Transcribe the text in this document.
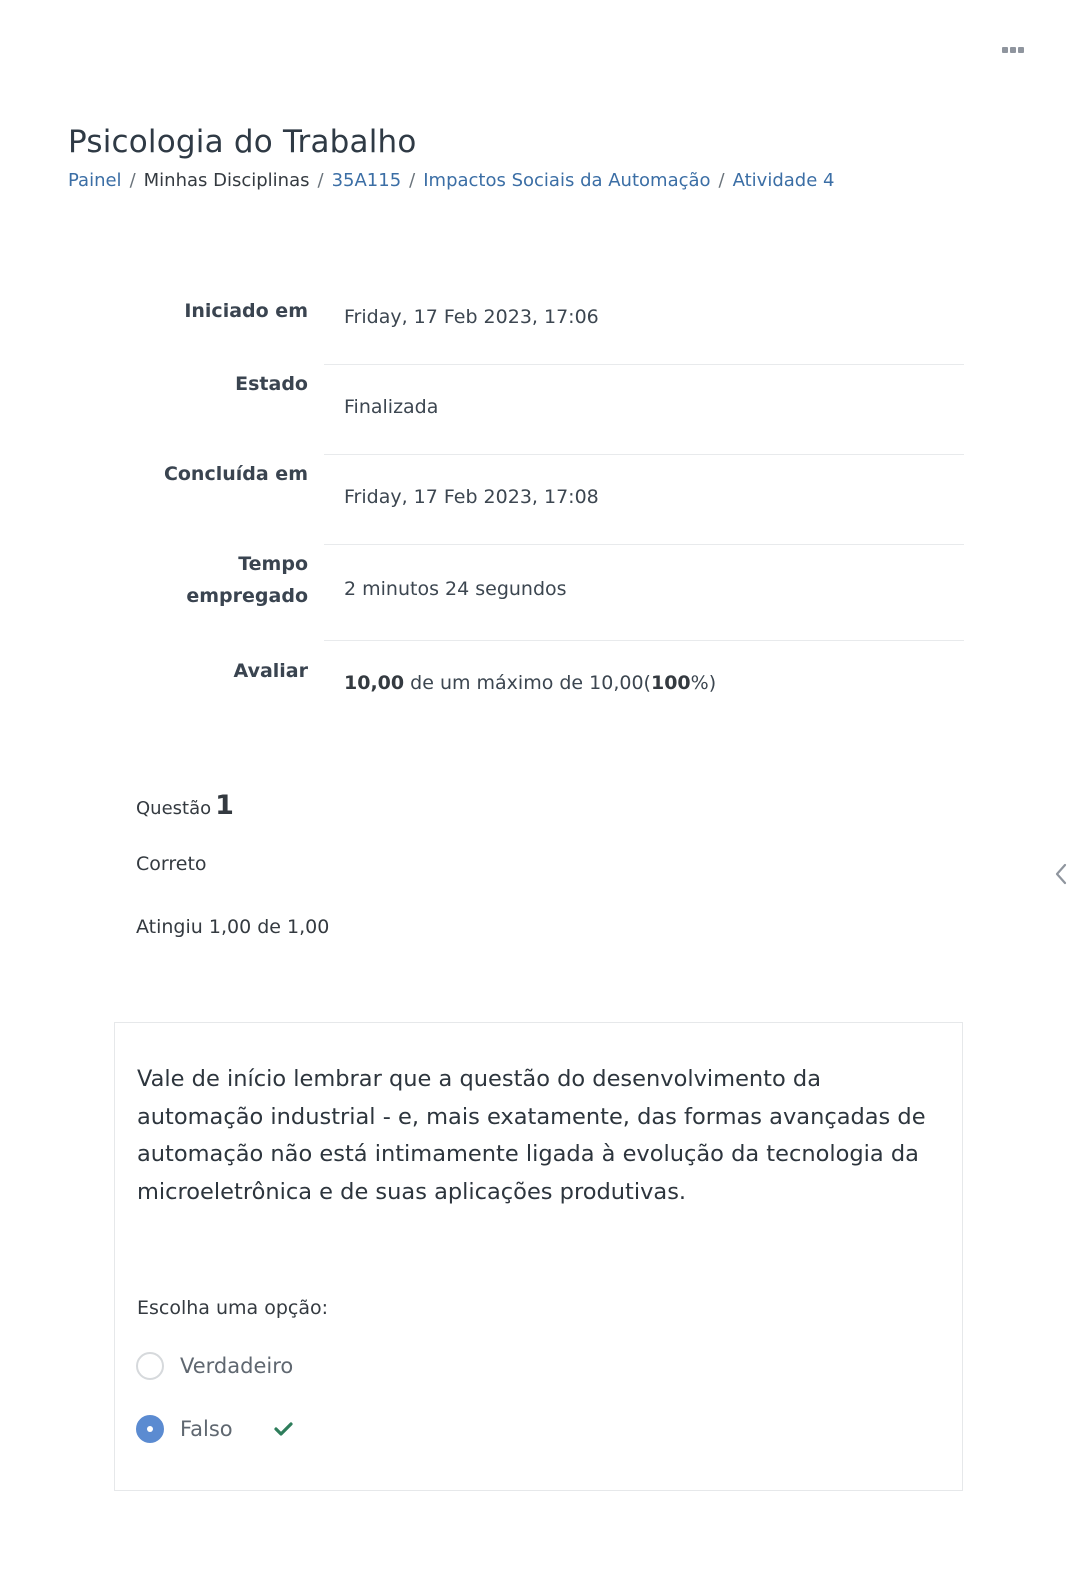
Psicologia do Trabalho
Painel / Minhas Disciplinas / 35A115 / Impactos Sociais da Automação / Atividade 4
Iniciado em	Friday, 17 Feb 2023, 17:06
Estado
Finalizada
Concluída em
Friday, 17 Feb 2023, 17:08
Tempo
empregado	2 minutos 24 segundos
Avaliar
10,00 de um máximo de 10,00(100%)
Questão 1
Correto
Atingiu 1,00 de 1,00

Vale de início lembrar que a questão do desenvolvimento da automação industrial - e, mais exatamente, das formas avançadas de automação não está intimamente ligada à evolução da tecnologia da microeletrônica e de suas aplicações produtivas.

Escolha uma opção:
Verdadeiro
Falso
